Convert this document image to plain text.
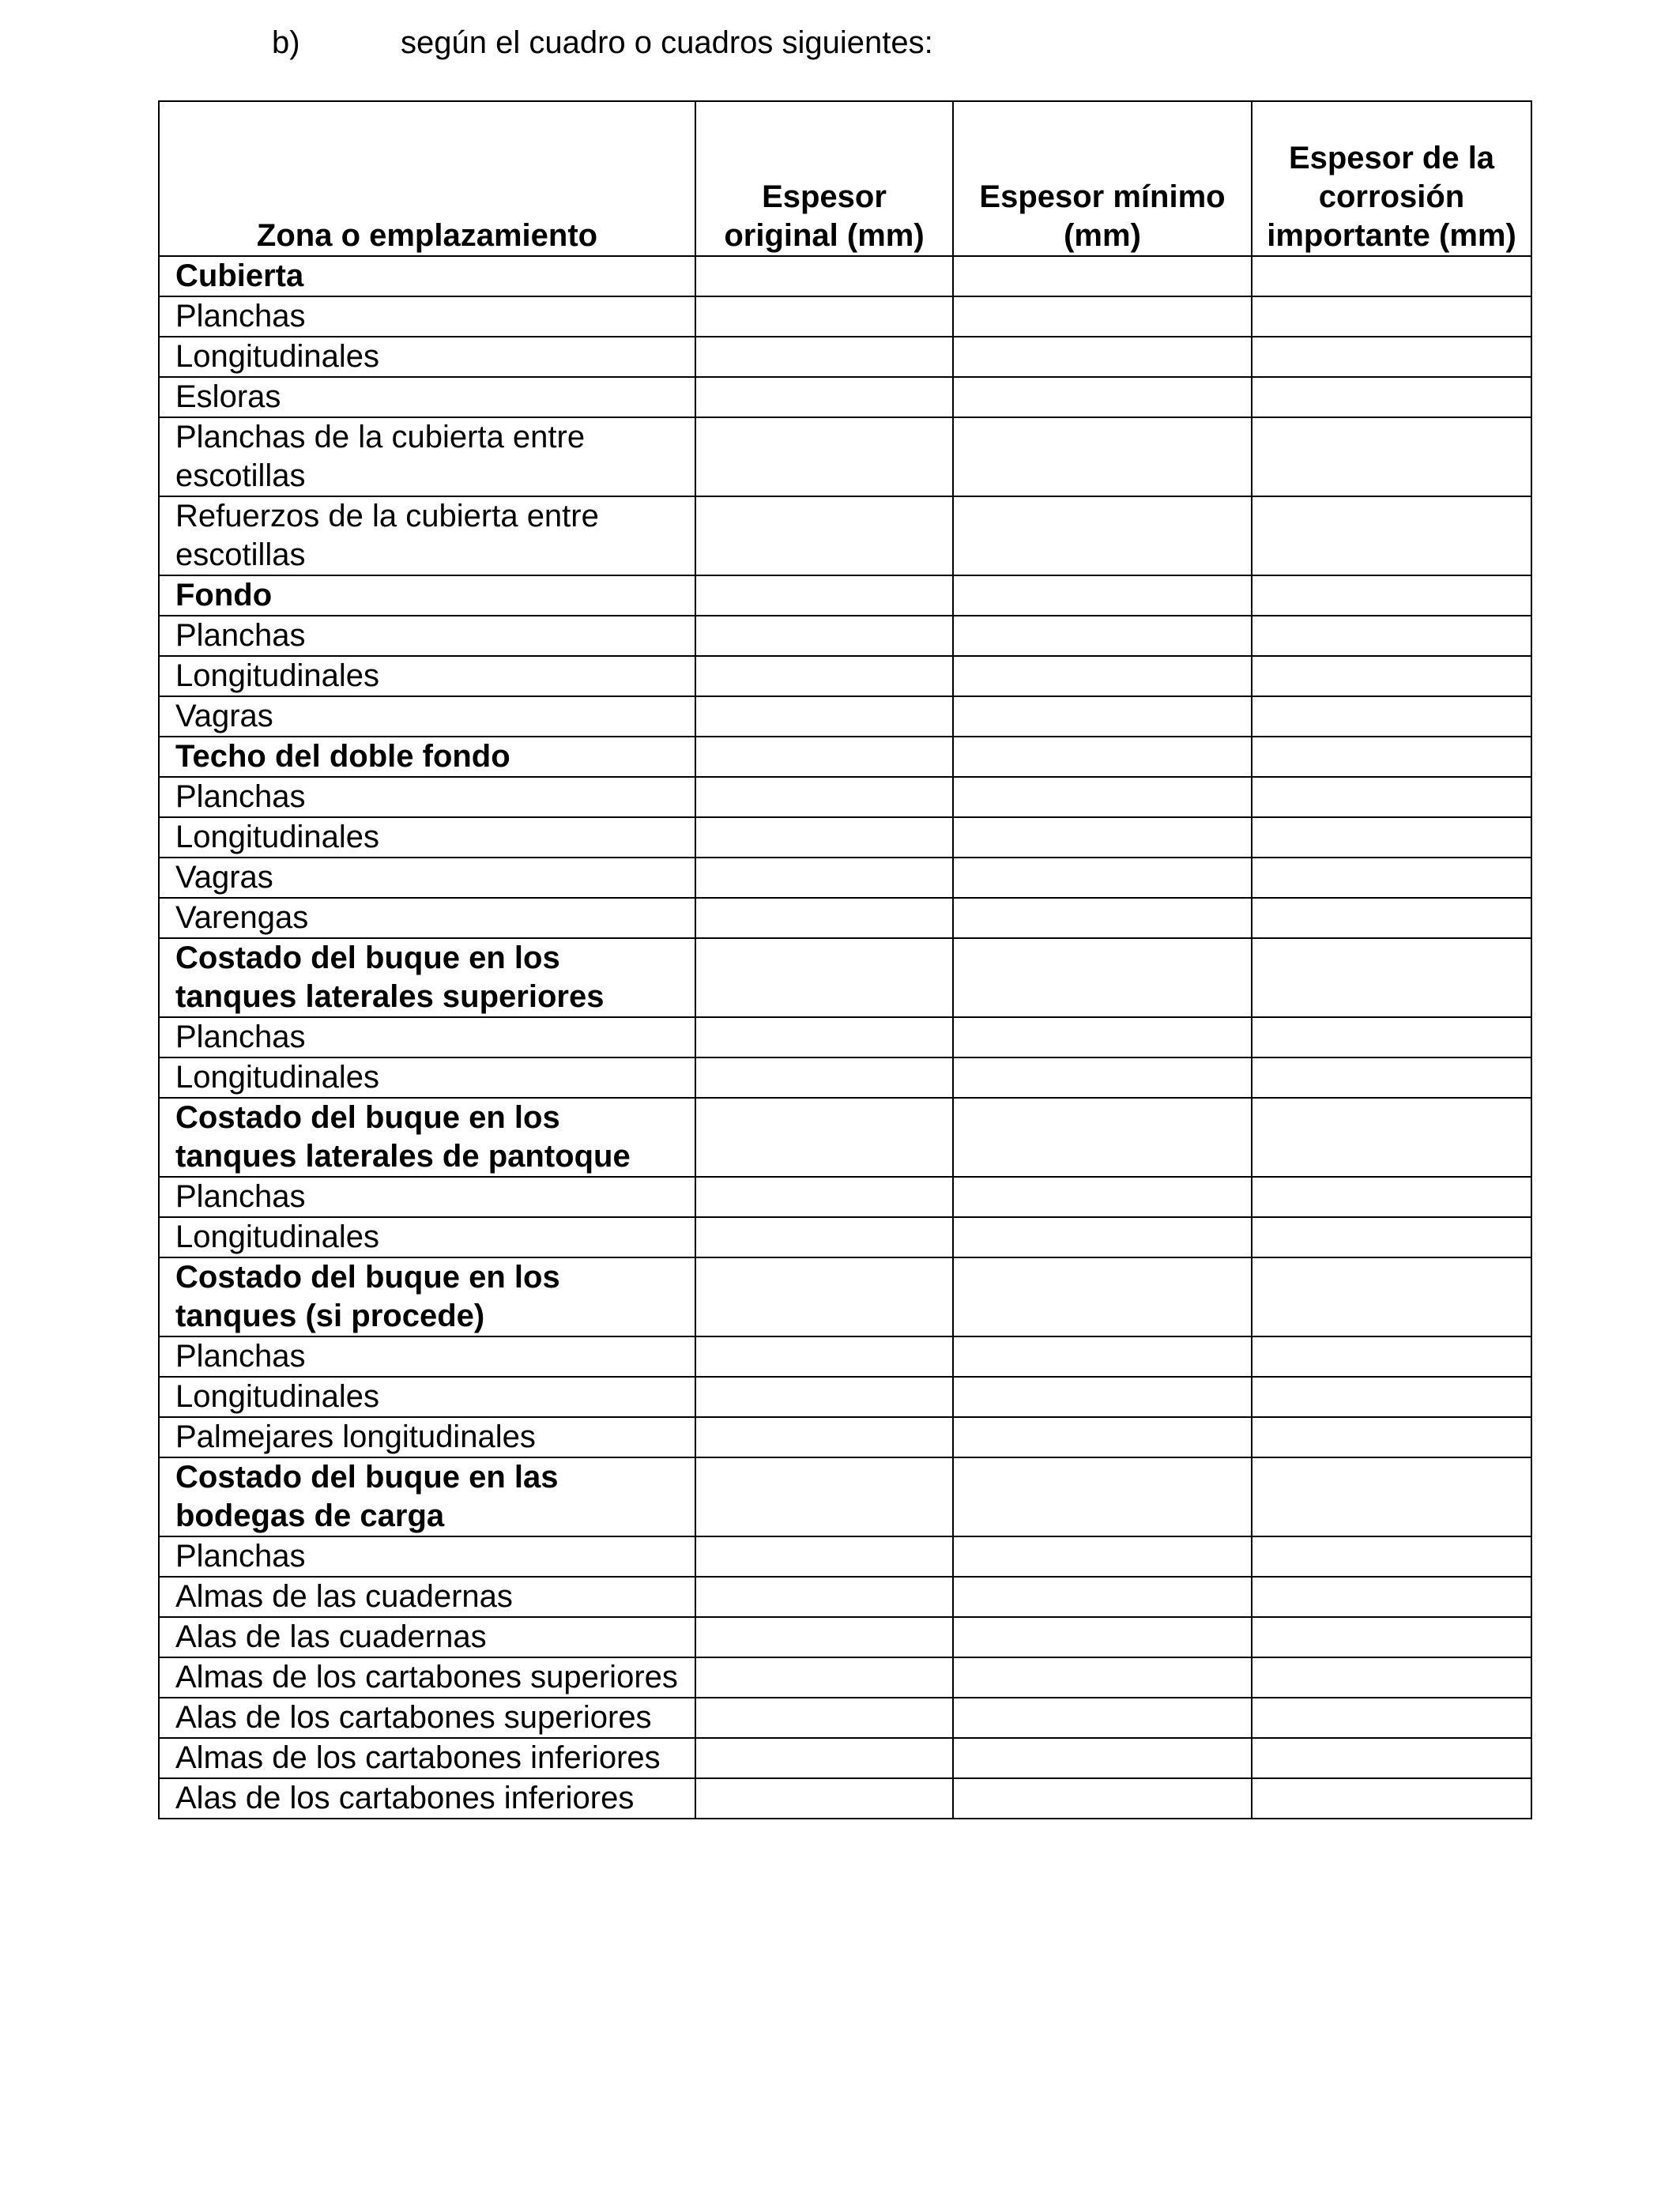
b)	según el cuadro o cuadros siguientes:
Zona o emplazamiento	Espesor original (mm)	Espesor mínimo (mm)	Espesor de la corrosión importante (mm)
Cubierta			
Planchas			
Longitudinales			
Esloras			
Planchas de la cubierta entre escotillas			
Refuerzos de la cubierta entre escotillas			
Fondo			
Planchas			
Longitudinales			
Vagras			
Techo del doble fondo			
Planchas			
Longitudinales			
Vagras			
Varengas			
Costado del buque en los tanques laterales superiores			
Planchas			
Longitudinales			
Costado del buque en los tanques laterales de pantoque			
Planchas			
Longitudinales			
Costado del buque en los tanques (si procede)			
Planchas			
Longitudinales			
Palmejares longitudinales			
Costado del buque en las bodegas de carga			
Planchas			
Almas de las cuadernas			
Alas de las cuadernas			
Almas de los cartabones superiores			
Alas de los cartabones superiores			
Almas de los cartabones inferiores			
Alas de los cartabones inferiores			
